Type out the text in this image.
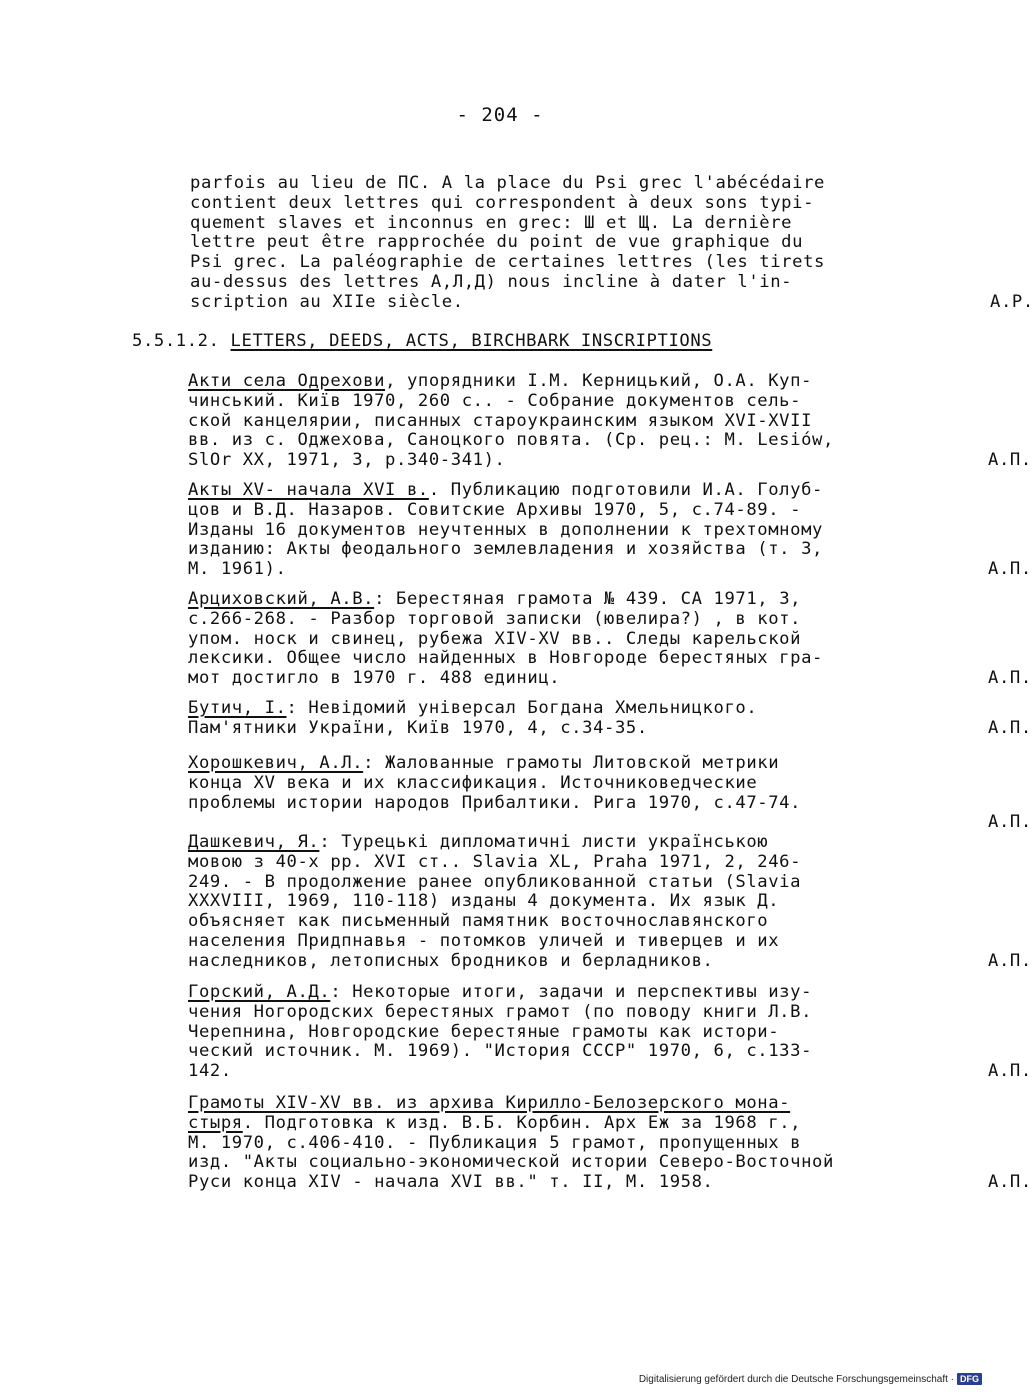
- 204 -
parfois au lieu de ПС. A la place du Psi grec l'abécédaire
contient deux lettres qui correspondent à deux sons typi-
quement slaves et inconnus en grec: Ш et Щ. La dernière
lettre peut être rapprochée du point de vue graphique du
Psi grec. La paléographie de certaines lettres (les tirets
au-dessus des lettres А,Л,Д) nous incline à dater l'in-
scription au XIIe siècle.	A.P.
5.5.1.2. LETTERS, DEEDS, ACTS, BIRCHBARK INSCRIPTIONS
Акти села Одрехови, упорядники І.М. Керницький, О.А. Куп-
чинський. Київ 1970, 260 с.. - Собрание документов сель-
ской канцелярии, писанных староукраинским языком XVI-XVII
вв. из с. Оджехова, Саноцкого повята. (Ср. рец.: M. Lesiów,
SlOr XX, 1971, 3, p.340-341).	А.П.
Акты XV- начала XVI в.. Публикацию подготовили И.А. Голуб-
цов и В.Д. Назаров. Совитские Архивы 1970, 5, с.74-89. -
Изданы 16 документов неучтенных в дополнении к трехтомному
изданию: Акты феодального землевладения и хозяйства (т. 3,
М. 1961).	А.П.
Арциховский, А.В.: Берестяная грамота № 439. СА 1971, 3,
с.266-268. - Разбор торговой записки (ювелира?) , в кот.
упом. носк и свинец, рубежа XIV-XV вв.. Следы карельской
лексики. Общее число найденных в Новгороде берестяных гра-
мот достигло в 1970 г. 488 единиц.	А.П.
Бутич, І.: Невідомий універсал Богдана Хмельницкого.
Пам'ятники України, Київ 1970, 4, с.34-35.	А.П.
Хорошкевич, А.Л.: Жалованные грамоты Литовской метрики
конца XV века и их классификация. Источниковедческие
проблемы истории народов Прибалтики. Рига 1970, с.47-74.
А.П.
Дашкевич, Я.: Турецькі дипломатичні листи українською
мовою з 40-х рр. XVI ст.. Slavia XL, Praha 1971, 2, 246-
249. - В продолжение ранее опубликованной статьи (Slavia
XXXVIII, 1969, 110-118) изданы 4 документа. Их язык Д.
объясняет как письменный памятник восточнославянского
населения Придпнавья - потомков уличей и тиверцев и их
наследников, летописных бродников и берладников.	А.П.
Горский, А.Д.: Некоторые итоги, задачи и перспективы изу-
чения Ногородских берестяных грамот (по поводу книги Л.В.
Черепнина, Новгородские берестяные грамоты как истори-
ческий источник. М. 1969). "История СССР" 1970, 6, с.133-
142.	А.П.
Грамоты XIV-XV вв. из архива Кирилло-Белозерского мона-
стыря. Подготовка к изд. В.Б. Корбин. Арх Еж за 1968 г.,
М. 1970, с.406-410. - Публикация 5 грамот, пропущенных в
изд. "Акты социально-экономической истории Северо-Восточной
Руси конца XIV - начала XVI вв." т. II, М. 1958.	А.П.
Digitalisierung gefördert durch die Deutsche Forschungsgemeinschaft · DFG
